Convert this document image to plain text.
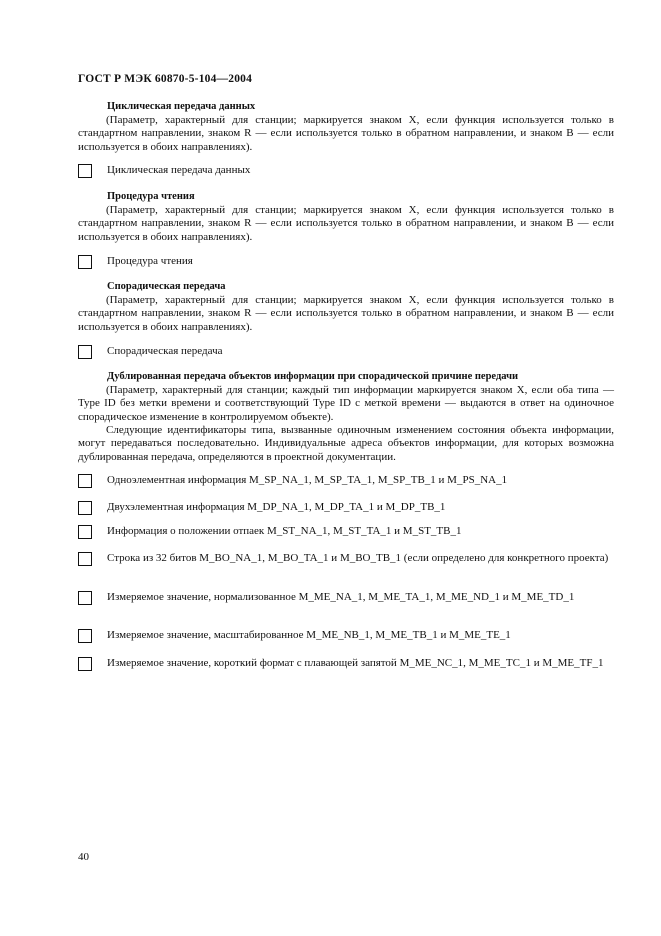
ГОСТ Р МЭК 60870-5-104—2004
Циклическая передача данных
(Параметр, характерный для станции; маркируется знаком X, если функция используется только в стандартном направлении, знаком R — если используется только в обратном направлении, и знаком B — если используется в обоих направлениях).
Циклическая передача данных
Процедура чтения
(Параметр, характерный для станции; маркируется знаком X, если функция используется только в стандартном направлении, знаком R — если используется только в обратном направлении, и знаком B — если используется в обоих направлениях).
Процедура чтения
Спорадическая передача
(Параметр, характерный для станции; маркируется знаком X, если функция используется только в стандартном направлении, знаком R — если используется только в обратном направлении, и знаком B — если используется в обоих направлениях).
Спорадическая передача
Дублированная передача объектов информации при спорадической причине передачи
(Параметр, характерный для станции; каждый тип информации маркируется знаком X, если оба типа — Type ID без метки времени и соответствующий Type ID с меткой времени — выдаются в ответ на одиночное спорадическое изменение в контролируемом объекте).
Следующие идентификаторы типа, вызванные одиночным изменением состояния объекта информации, могут передаваться последовательно. Индивидуальные адреса объектов информации, для которых возможна дублированная передача, определяются в проектной документации.
Одноэлементная информация M_SP_NA_1, M_SP_TA_1, M_SP_TB_1 и M_PS_NA_1
Двухэлементная информация M_DP_NA_1, M_DP_TA_1 и M_DP_TB_1
Информация о положении отпаек M_ST_NA_1, M_ST_TA_1 и M_ST_TB_1
Строка из 32 битов M_BO_NA_1, M_BO_TA_1 и M_BO_TB_1 (если определено для конкретного проекта)
Измеряемое значение, нормализованное M_ME_NA_1, M_ME_TA_1, M_ME_ND_1 и M_ME_TD_1
Измеряемое значение, масштабированное M_ME_NB_1, M_ME_TB_1 и M_ME_TE_1
Измеряемое значение, короткий формат с плавающей запятой M_ME_NC_1, M_ME_TC_1 и M_ME_TF_1
40
